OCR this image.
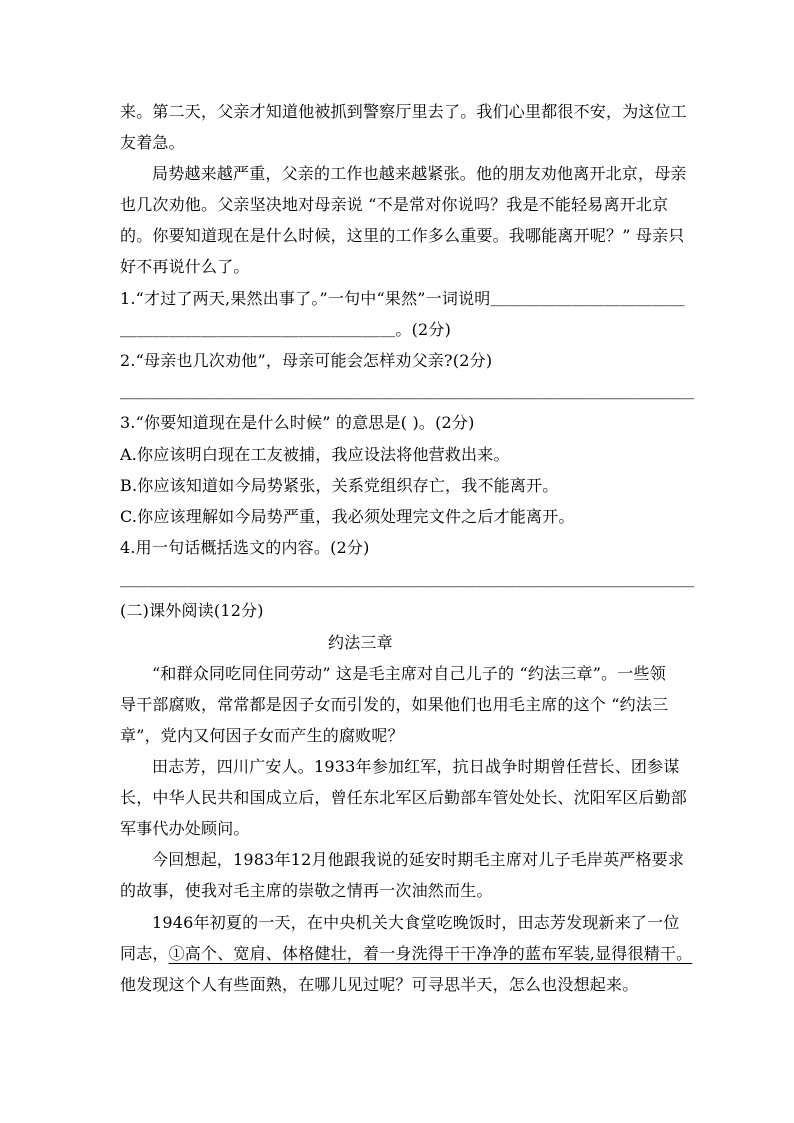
来。第二天，父亲才知道他被抓到警察厅里去了。我们心里都很不安，为这位工
友着急。
局势越来越严重，父亲的工作也越来越紧张。他的朋友劝他离开北京，母亲
也几次劝他。父亲坚决地对母亲说 “不是常对你说吗？我是不能轻易离开北京
的。你要知道现在是什么时候，这里的工作多么重要。我哪能离开呢？” 母亲只
好不再说什么了。
1.“才过了两天,果然出事了。”一句中“果然”一词说明＿＿＿＿＿＿＿＿＿＿＿＿
＿＿＿＿＿＿＿＿＿＿＿＿＿＿＿＿＿。(2分)
2.“母亲也几次劝他”，母亲可能会怎样劝父亲?(2分)
＿＿＿＿＿＿＿＿＿＿＿＿＿＿＿＿＿＿＿＿＿＿＿＿＿＿＿＿＿＿＿＿＿＿＿＿＿＿＿＿＿＿
3.“你要知道现在是什么时候” 的意思是( )。(2分)
A.你应该明白现在工友被捕，我应设法将他营救出来。
B.你应该知道如今局势紧张，关系党组织存亡，我不能离开。
C.你应该理解如今局势严重，我必须处理完文件之后才能离开。
4.用一句话概括选文的内容。(2分)
＿＿＿＿＿＿＿＿＿＿＿＿＿＿＿＿＿＿＿＿＿＿＿＿＿＿＿＿＿＿＿＿＿＿＿＿＿＿＿＿＿＿
(二)课外阅读(12分)
约法三章
“和群众同吃同住同劳动” 这是毛主席对自己儿子的 “约法三章”。一些领
导干部腐败，常常都是因子女而引发的，如果他们也用毛主席的这个 “约法三
章”，党内又何因子女而产生的腐败呢？
田志芳，四川广安人。1933年参加红军，抗日战争时期曾任营长、团参谋
长，中华人民共和国成立后，曾任东北军区后勤部车管处处长、沈阳军区后勤部
军事代办处顾问。
今回想起，1983年12月他跟我说的延安时期毛主席对儿子毛岸英严格要求
的故事，使我对毛主席的崇敬之情再一次油然而生。
1946年初夏的一天，在中央机关大食堂吃晚饭时，田志芳发现新来了一位
同志，①高个、宽肩、体格健壮，着一身洗得干干净净的蓝布军装,显得很精干。
他发现这个人有些面熟，在哪儿见过呢？可寻思半天，怎么也没想起来。
